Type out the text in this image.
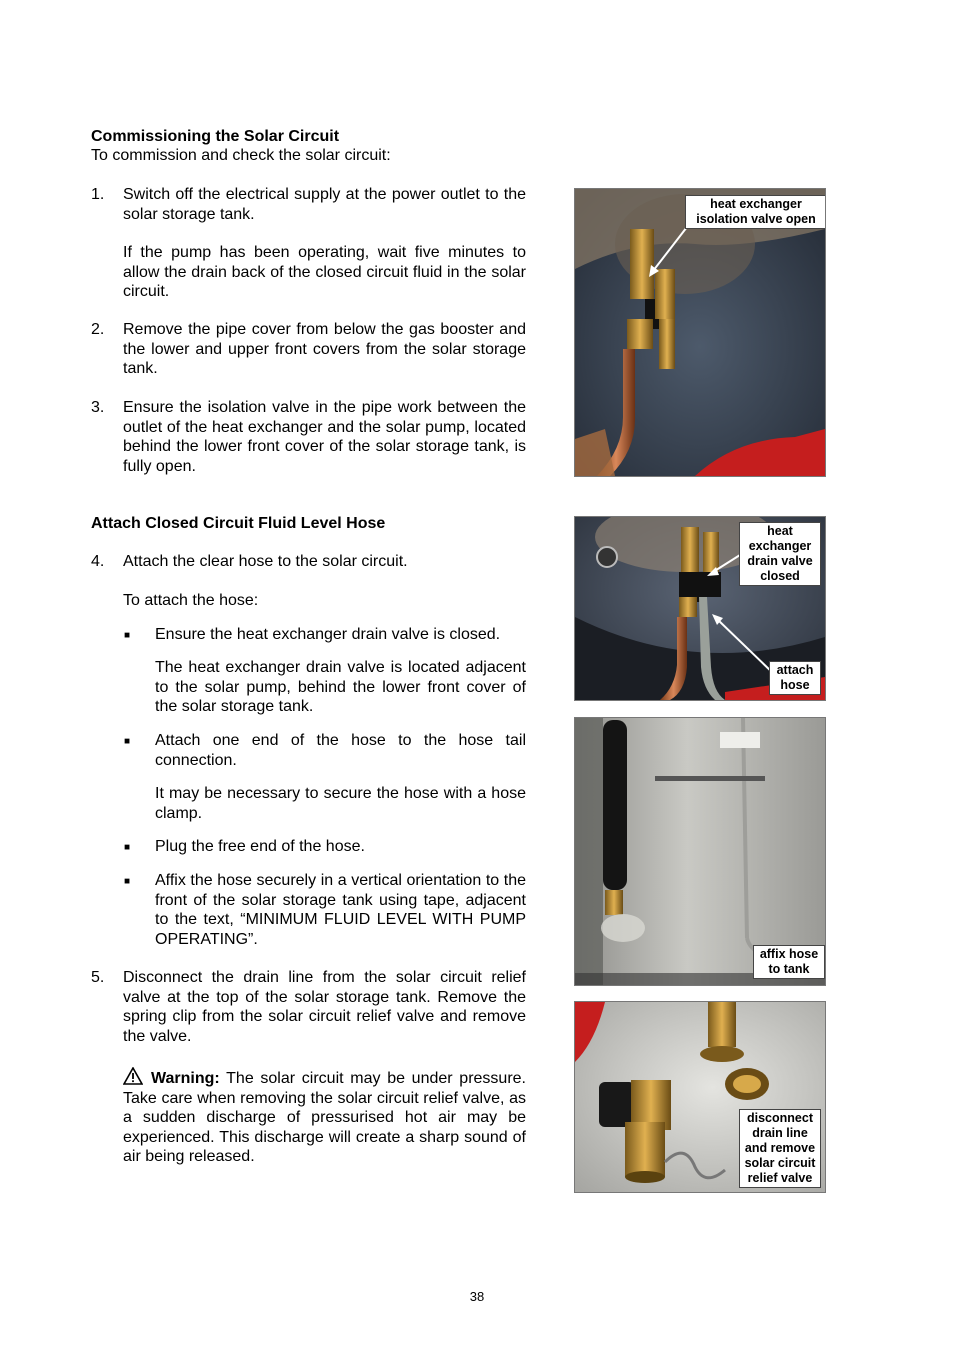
Commissioning the Solar Circuit
To commission and check the solar circuit:
1. Switch off the electrical supply at the power outlet to the solar storage tank.
If the pump has been operating, wait five minutes to allow the drain back of the closed circuit fluid in the solar circuit.
2. Remove the pipe cover from below the gas booster and the lower and upper front covers from the solar storage tank.
3. Ensure the isolation valve in the pipe work between the outlet of the heat exchanger and the solar pump, located behind the lower front cover of the solar storage tank, is fully open.
Attach Closed Circuit Fluid Level Hose
4. Attach the clear hose to the solar circuit.
To attach the hose:
■ Ensure the heat exchanger drain valve is closed.
The heat exchanger drain valve is located adjacent to the solar pump, behind the lower front cover of the solar storage tank.
■ Attach one end of the hose to the hose tail connection.
It may be necessary to secure the hose with a hose clamp.
■ Plug the free end of the hose.
■ Affix the hose securely in a vertical orientation to the front of the solar storage tank using tape, adjacent to the text, “MINIMUM FLUID LEVEL WITH PUMP OPERATING”.
5. Disconnect the drain line from the solar circuit relief valve at the top of the solar storage tank. Remove the spring clip from the solar circuit relief valve and remove the valve.
Warning: The solar circuit may be under pressure. Take care when removing the solar circuit relief valve, as a sudden discharge of pressurised hot air may be experienced. This discharge will create a sharp sound of air being released.
heat exchanger isolation valve open
heat exchanger drain valve closed
attach hose
affix hose to tank
disconnect drain line and remove solar circuit relief valve
38
